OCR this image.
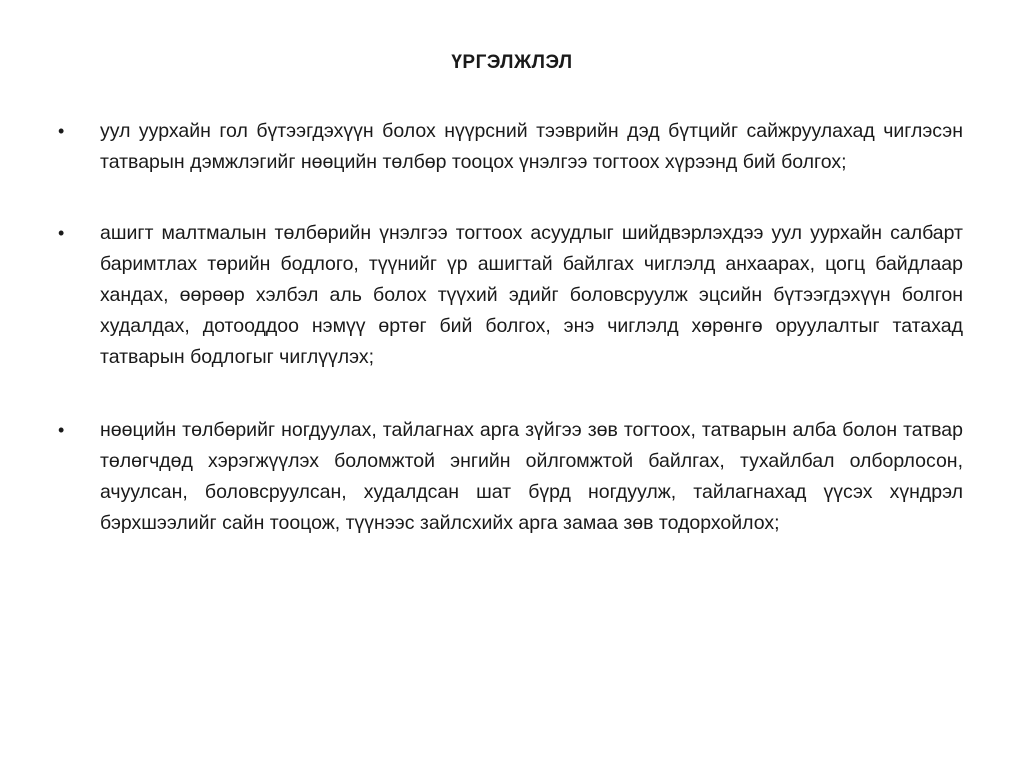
ҮРГЭЛЖЛЭЛ
• уул уурхайн гол бүтээгдэхүүн болох нүүрсний тээврийн дэд бүтцийг сайжруулахад чиглэсэн татварын дэмжлэгийг нөөцийн төлбөр тооцох үнэлгээ тогтоох хүрээнд бий болгох;
• ашигт малтмалын төлбөрийн үнэлгээ тогтоох асуудлыг шийдвэрлэхдээ уул уурхайн салбарт баримтлах төрийн бодлого, түүнийг үр ашигтай байлгах чиглэлд анхаарах, цогц байдлаар хандах, өөрөөр хэлбэл аль болох түүхий эдийг боловсруулж эцсийн бүтээгдэхүүн болгон худалдах, дотооддоо нэмүү өртөг бий болгох, энэ чиглэлд хөрөнгө оруулалтыг татахад татварын бодлогыг чиглүүлэх;
• нөөцийн төлбөрийг ногдуулах, тайлагнах арга зүйгээ зөв тогтоох, татварын алба болон татвар төлөгчдөд хэрэгжүүлэх боломжтой энгийн ойлгомжтой байлгах, тухайлбал олборлосон, ачуулсан, боловсруулсан, худалдсан шат бүрд ногдуулж, тайлагнахад үүсэх хүндрэл бэрхшээлийг сайн тооцож, түүнээс зайлсхийх арга замаа зөв тодорхойлох;
